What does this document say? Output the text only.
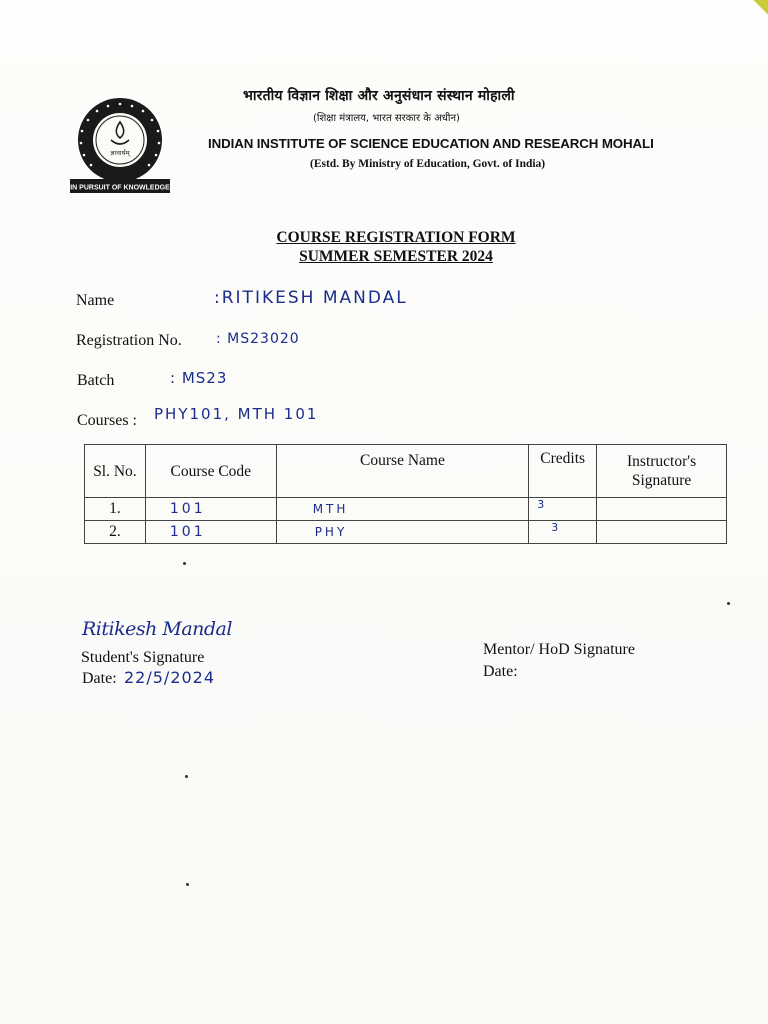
ज्ञानार्थम्
IN PURSUIT OF KNOWLEDGE
भारतीय विज्ञान शिक्षा और अनुसंधान संस्थान मोहाली
(शिक्षा मंत्रालय, भारत सरकार के अधीन)
INDIAN INSTITUTE OF SCIENCE EDUCATION AND RESEARCH MOHALI
(Estd. By Ministry of Education, Govt. of India)
COURSE REGISTRATION FORM
SUMMER SEMESTER 2024
Name	:RITIKESH MANDAL
Registration No. : MS23020
Batch	: MS23
Courses : PHY101, MTH 101
Sl. No.	Course Code	Course Name	Credits	Instructor's
Signature
1.	101	MTH	3	
2.	101	PHY	3	
Ritikesh Mandal
Student's Signature
Date: 22/5/2024
Mentor/ HoD Signature
Date:
